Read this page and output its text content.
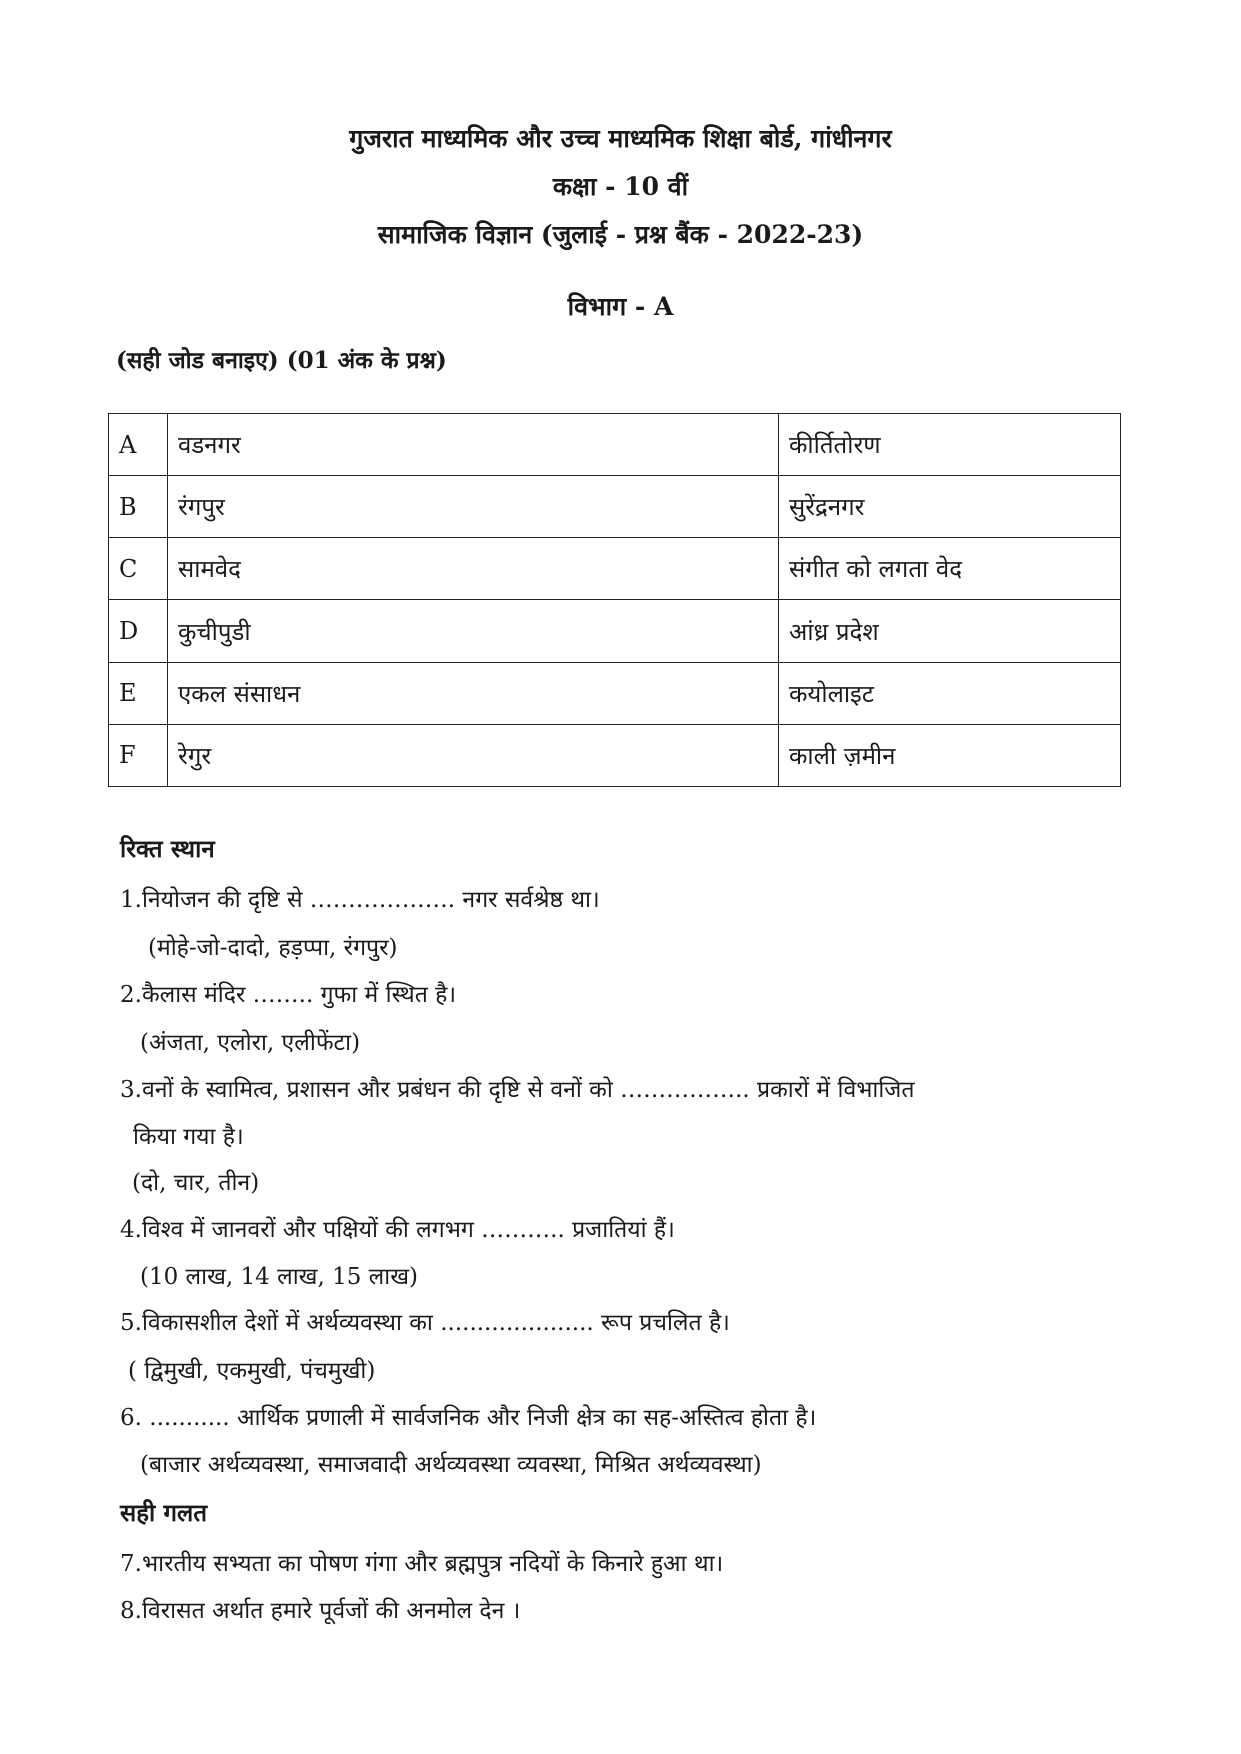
गुजरात माध्यमिक और उच्च माध्यमिक शिक्षा बोर्ड, गांधीनगर
कक्षा - 10 वीं
सामाजिक विज्ञान (जुलाई - प्रश्न बैंक - 2022-23)
विभाग - A
(सही जोड बनाइए) (01 अंक के प्रश्न)
A	वडनगर	कीर्तितोरण
B	रंगपुर	सुरेंद्रनगर
C	सामवेद	संगीत को लगता वेद
D	कुचीपुडी	आंध्र प्रदेश
E	एकल संसाधन	कयोलाइट
F	रेगुर	काली ज़मीन
रिक्त स्थान
1.नियोजन की दृष्टि से ………………. नगर सर्वश्रेष्ठ था।
(मोहे-जो-दादो, हड़प्पा, रंगपुर)
2.कैलास मंदिर …….. गुफा में स्थित है।
(अंजता, एलोरा, एलीफेंटा)
3.वनों के स्वामित्व, प्रशासन और प्रबंधन की दृष्टि से वनों को …………….. प्रकारों में विभाजित
किया गया है।
(दो, चार, तीन)
4.विश्व में जानवरों और पक्षियों की लगभग ……….. प्रजातियां हैं।
(10 लाख, 14 लाख, 15 लाख)
5.विकासशील देशों में अर्थव्यवस्था का ..................... रूप प्रचलित है।
( द्विमुखी, एकमुखी, पंचमुखी)
6. ........... आर्थिक प्रणाली में सार्वजनिक और निजी क्षेत्र का सह-अस्तित्व होता है।
(बाजार अर्थव्यवस्था, समाजवादी अर्थव्यवस्था व्यवस्था, मिश्रित अर्थव्यवस्था)
सही गलत
7.भारतीय सभ्यता का पोषण गंगा और ब्रह्मपुत्र नदियों के किनारे हुआ था।
8.विरासत अर्थात हमारे पूर्वजों की अनमोल देन ।
